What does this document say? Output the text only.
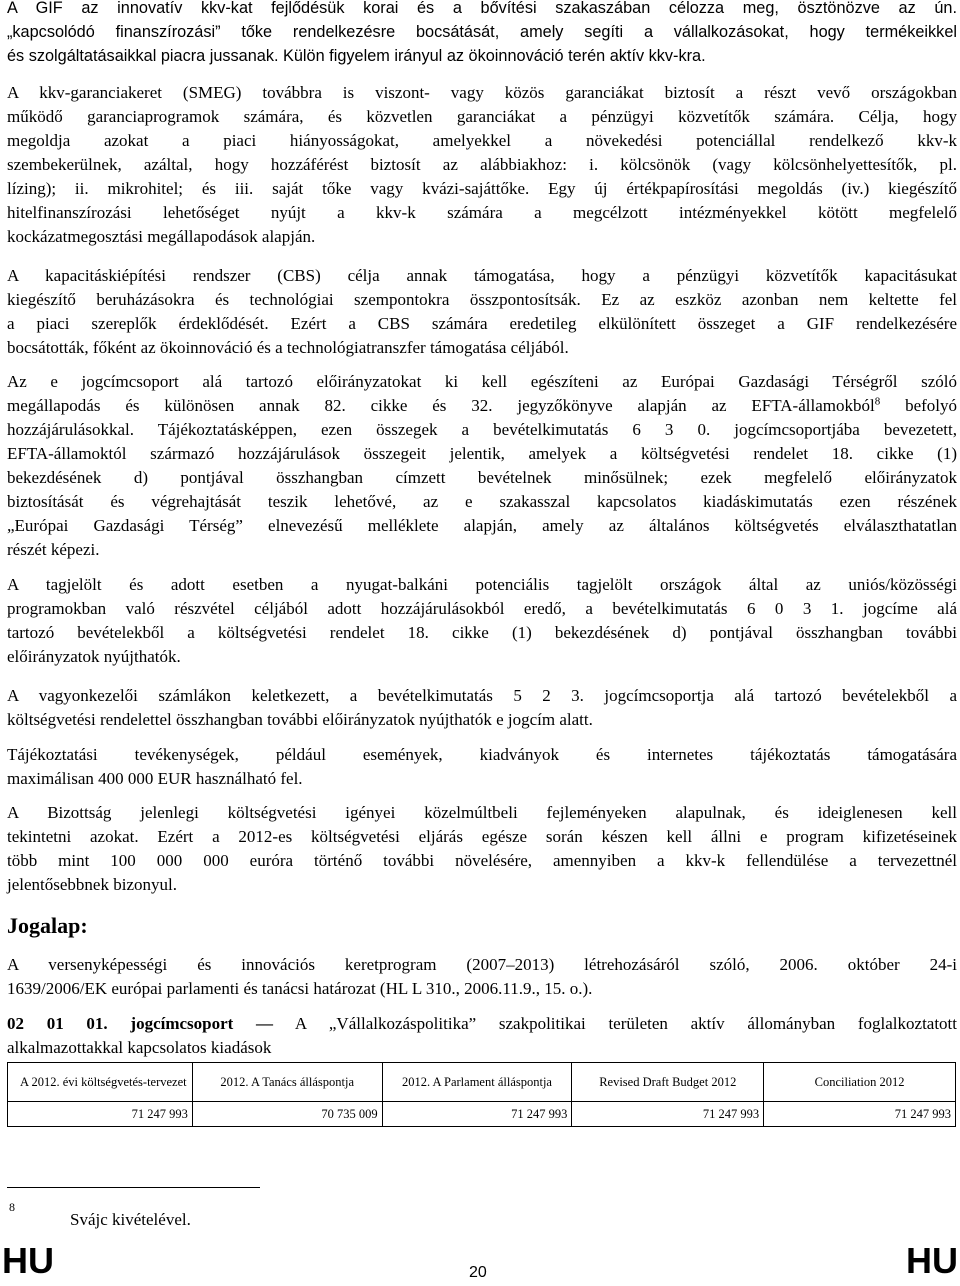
A GIF az innovatív kkv-kat fejlődésük korai és a bővítési szakaszában célozza meg, ösztönözve az ún.
„kapcsolódó finanszírozási” tőke rendelkezésre bocsátását, amely segíti a vállalkozásokat, hogy termékeikkel
és szolgáltatásaikkal piacra jussanak. Külön figyelem irányul az ökoinnováció terén aktív kkv-kra.
A kkv-garanciakeret (SMEG) továbbra is viszont- vagy közös garanciákat biztosít a részt vevő országokban
működő garanciaprogramok számára, és közvetlen garanciákat a pénzügyi közvetítők számára. Célja, hogy
megoldja azokat a piaci hiányosságokat, amelyekkel a növekedési potenciállal rendelkező kkv-k
szembekerülnek, azáltal, hogy hozzáférést biztosít az alábbiakhoz: i. kölcsönök (vagy kölcsönhelyettesítők, pl.
lízing); ii. mikrohitel; és iii. saját tőke vagy kvázi-sajáttőke. Egy új értékpapírosítási megoldás (iv.) kiegészítő
hitelfinanszírozási lehetőséget nyújt a kkv-k számára a megcélzott intézményekkel kötött megfelelő
kockázatmegosztási megállapodások alapján.
A kapacitáskiépítési rendszer (CBS) célja annak támogatása, hogy a pénzügyi közvetítők kapacitásukat
kiegészítő beruházásokra és technológiai szempontokra összpontosítsák. Ez az eszköz azonban nem keltette fel
a piaci szereplők érdeklődését. Ezért a CBS számára eredetileg elkülönített összeget a GIF rendelkezésére
bocsátották, főként az ökoinnováció és a technológiatranszfer támogatása céljából.
Az e jogcímcsoport alá tartozó előirányzatokat ki kell egészíteni az Európai Gazdasági Térségről szóló
megállapodás és különösen annak 82. cikke és 32. jegyzőkönyve alapján az EFTA-államokból$^8$ befolyó
hozzájárulásokkal. Tájékoztatásképpen, ezen összegek a bevételkimutatás 6 3 0. jogcímcsoportjába bevezetett,
EFTA-államoktól származó hozzájárulások összegeit jelentik, amelyek a költségvetési rendelet 18. cikke (1)
bekezdésének d) pontjával összhangban címzett bevételnek minősülnek; ezek megfelelő előirányzatok
biztosítását és végrehajtását teszik lehetővé, az e szakasszal kapcsolatos kiadáskimutatás ezen részének
„Európai Gazdasági Térség” elnevezésű melléklete alapján, amely az általános költségvetés elválaszthatatlan
részét képezi.
A tagjelölt és adott esetben a nyugat-balkáni potenciális tagjelölt országok által az uniós/közösségi
programokban való részvétel céljából adott hozzájárulásokból eredő, a bevételkimutatás 6 0 3 1. jogcíme alá
tartozó bevételekből a költségvetési rendelet 18. cikke (1) bekezdésének d) pontjával összhangban további
előirányzatok nyújthatók.
A vagyonkezelői számlákon keletkezett, a bevételkimutatás 5 2 3. jogcímcsoportja alá tartozó bevételekből a
költségvetési rendelettel összhangban további előirányzatok nyújthatók e jogcím alatt.
Tájékoztatási tevékenységek, például események, kiadványok és internetes tájékoztatás támogatására
maximálisan 400 000 EUR használható fel.
A Bizottság jelenlegi költségvetési igényei közelmúltbeli fejleményeken alapulnak, és ideiglenesen kell
tekintetni azokat. Ezért a 2012-es költségvetési eljárás egésze során készen kell állni e program kifizetéseinek
több mint 100 000 000 euróra történő további növelésére, amennyiben a kkv-k fellendülése a tervezettnél
jelentősebbnek bizonyul.
Jogalap:
A versenyképességi és innovációs keretprogram (2007–2013) létrehozásáról szóló, 2006. október 24-i
1639/2006/EK európai parlamenti és tanácsi határozat (HL L 310., 2006.11.9., 15. o.).
02 01 01. jogcímcsoport — A „Vállalkozáspolitika” szakpolitikai területen aktív állományban foglalkoztatott
alkalmazottakkal kapcsolatos kiadások
A 2012. évi költségvetés-tervezet	2012. A Tanács álláspontja	2012. A Parlament álláspontja	Revised Draft Budget 2012	Conciliation 2012
71 247 993	70 735 009	71 247 993	71 247 993	71 247 993
8
Svájc kivételével.
HU	20	HU
